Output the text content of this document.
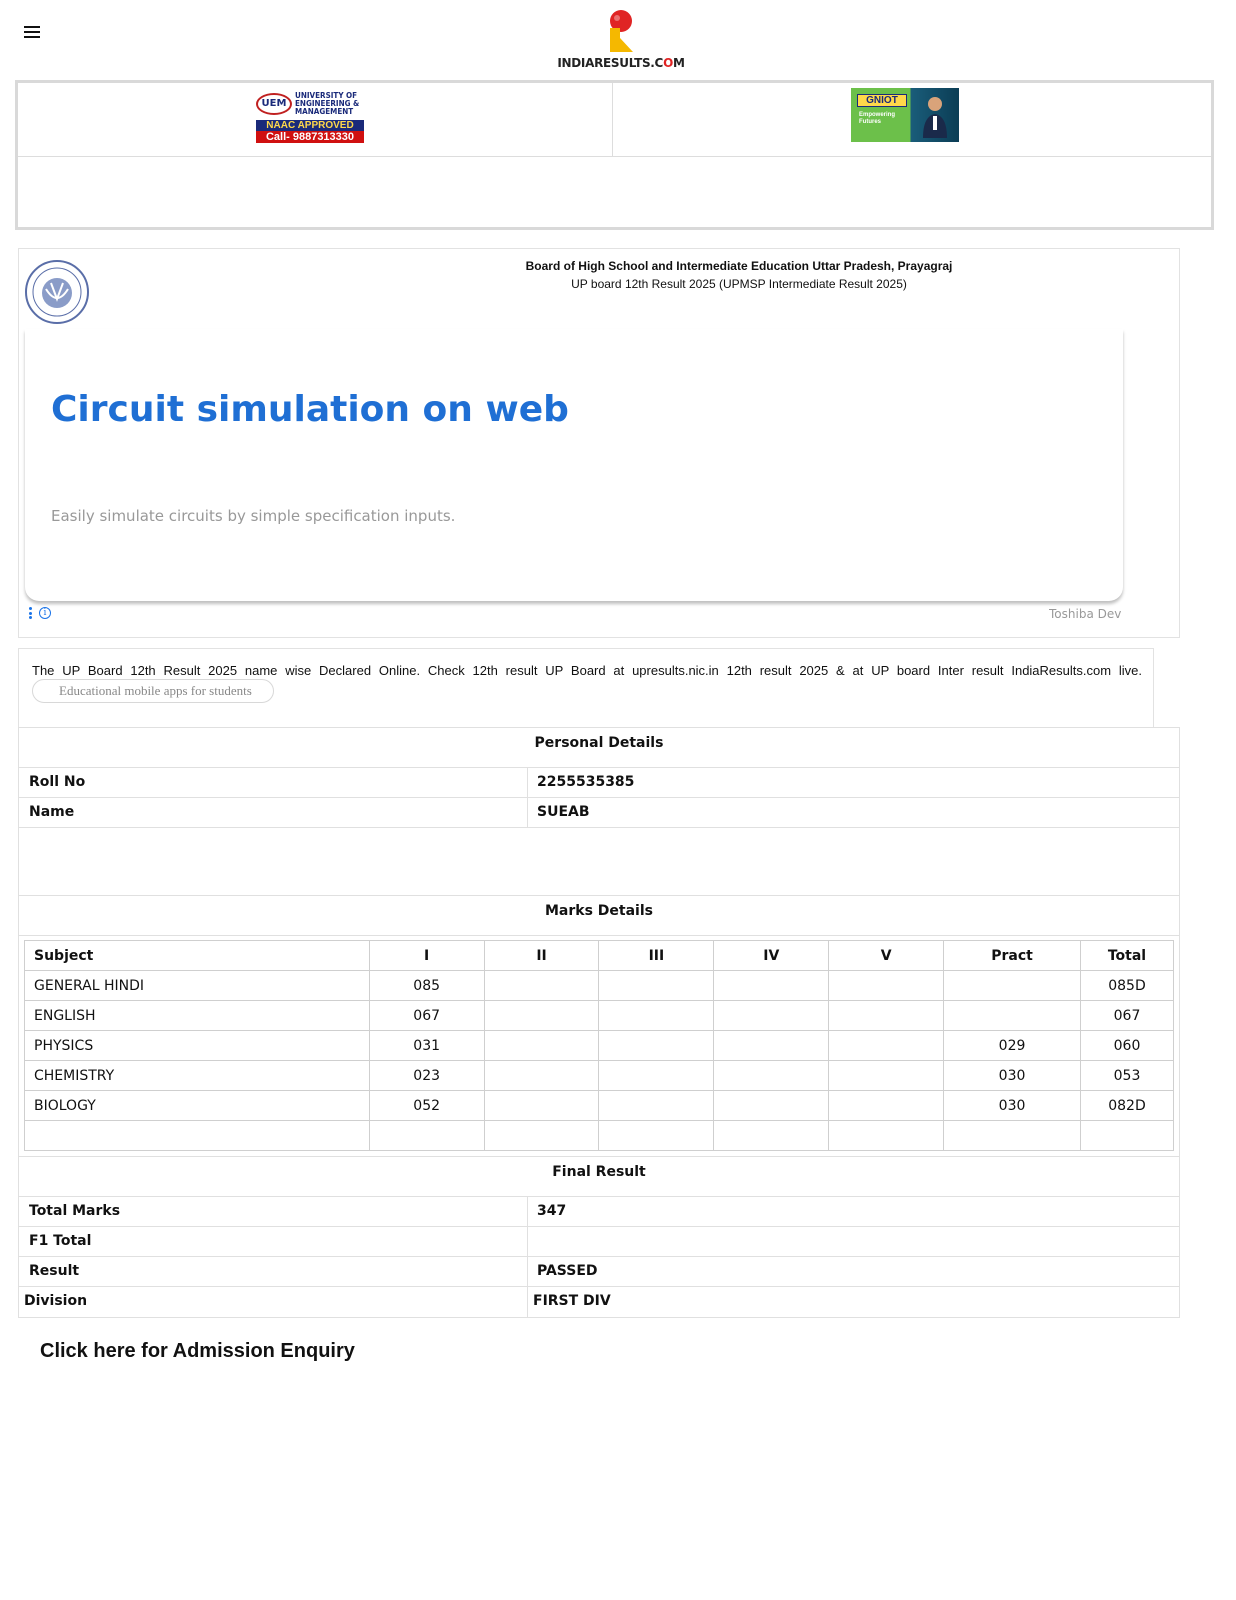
INDIARESULTS.COM
UEM
UNIVERSITY OF
ENGINEERING &
MANAGEMENT
NAAC APPROVED
Call- 9887313330
GNIOT
Empowering
Futures
Board of High School and Intermediate Education Uttar Pradesh, Prayagraj
UP board 12th Result 2025 (UPMSP Intermediate Result 2025)
Circuit simulation on web
Easily simulate circuits by simple specification inputs.
i	Toshiba Dev
The UP Board 12th Result 2025 name wise Declared Online. Check 12th result UP Board at upresults.nic.in 12th result 2025 & at UP board Inter result IndiaResults.com live.
Educational mobile apps for students
Personal Details
Roll No	2255535385
Name	SUEAB
Marks Details
Subject	I	II	III	IV	V	Pract	Total
GENERAL HINDI	085						085D
ENGLISH	067						067
PHYSICS	031					029	060
CHEMISTRY	023					030	053
BIOLOGY	052					030	082D

Final Result
Total Marks	347
F1 Total
Result	PASSED
Division	FIRST DIV
Click here for Admission Enquiry
